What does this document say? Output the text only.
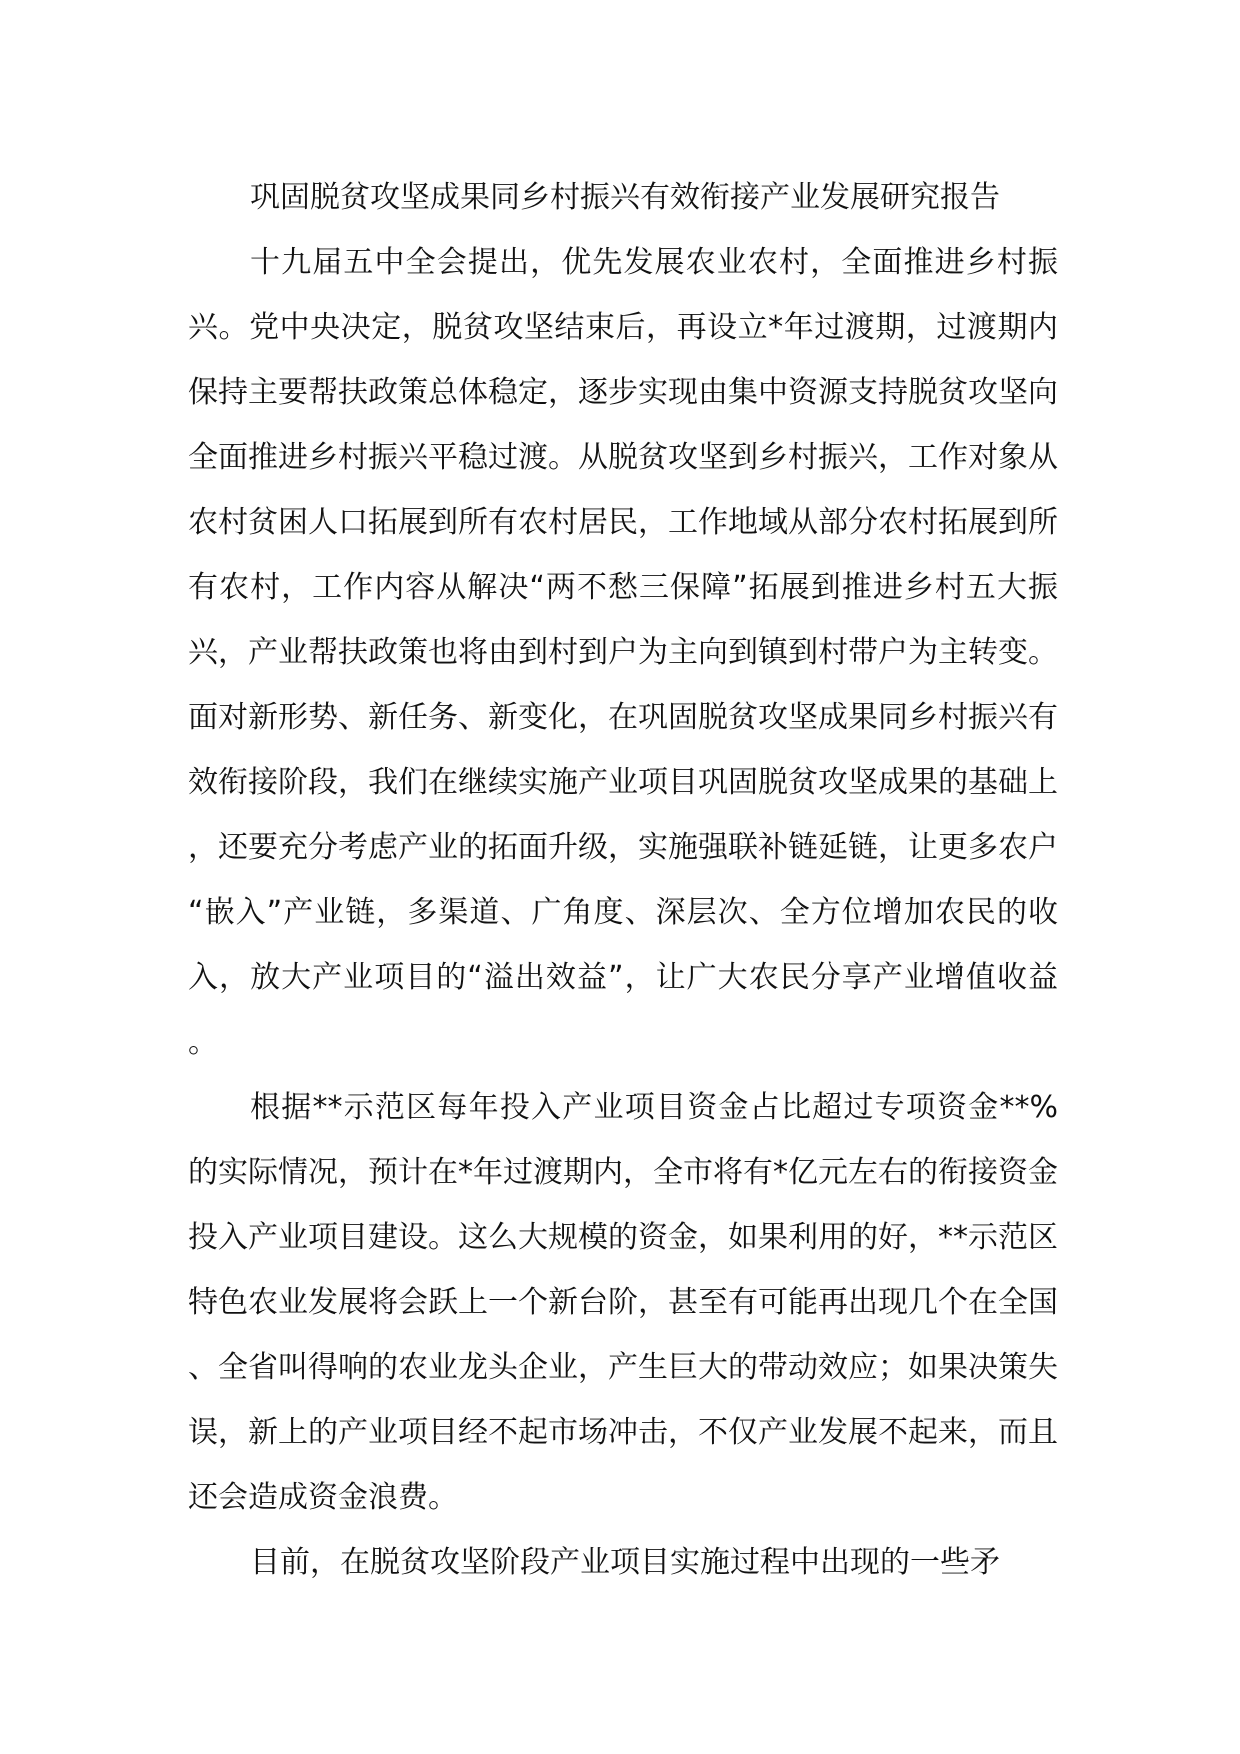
巩固脱贫攻坚成果同乡村振兴有效衔接产业发展研究报告

十九届五中全会提出，优先发展农业农村，全面推进乡村振兴。党中央决定，脱贫攻坚结束后，再设立*年过渡期，过渡期内保持主要帮扶政策总体稳定，逐步实现由集中资源支持脱贫攻坚向全面推进乡村振兴平稳过渡。从脱贫攻坚到乡村振兴，工作对象从农村贫困人口拓展到所有农村居民，工作地域从部分农村拓展到所有农村，工作内容从解决“两不愁三保障”拓展到推进乡村五大振兴，产业帮扶政策也将由到村到户为主向到镇到村带户为主转变。面对新形势、新任务、新变化，在巩固脱贫攻坚成果同乡村振兴有效衔接阶段，我们在继续实施产业项目巩固脱贫攻坚成果的基础上，还要充分考虑产业的拓面升级，实施强联补链延链，让更多农户“嵌入”产业链，多渠道、广角度、深层次、全方位增加农民的收入，放大产业项目的“溢出效益”，让广大农民分享产业增值收益。

根据**示范区每年投入产业项目资金占比超过专项资金**%的实际情况，预计在*年过渡期内，全市将有*亿元左右的衔接资金投入产业项目建设。这么大规模的资金，如果利用的好，**示范区特色农业发展将会跃上一个新台阶，甚至有可能再出现几个在全国、全省叫得响的农业龙头企业，产生巨大的带动效应；如果决策失误，新上的产业项目经不起市场冲击，不仅产业发展不起来，而且还会造成资金浪费。

目前，在脱贫攻坚阶段产业项目实施过程中出现的一些矛
